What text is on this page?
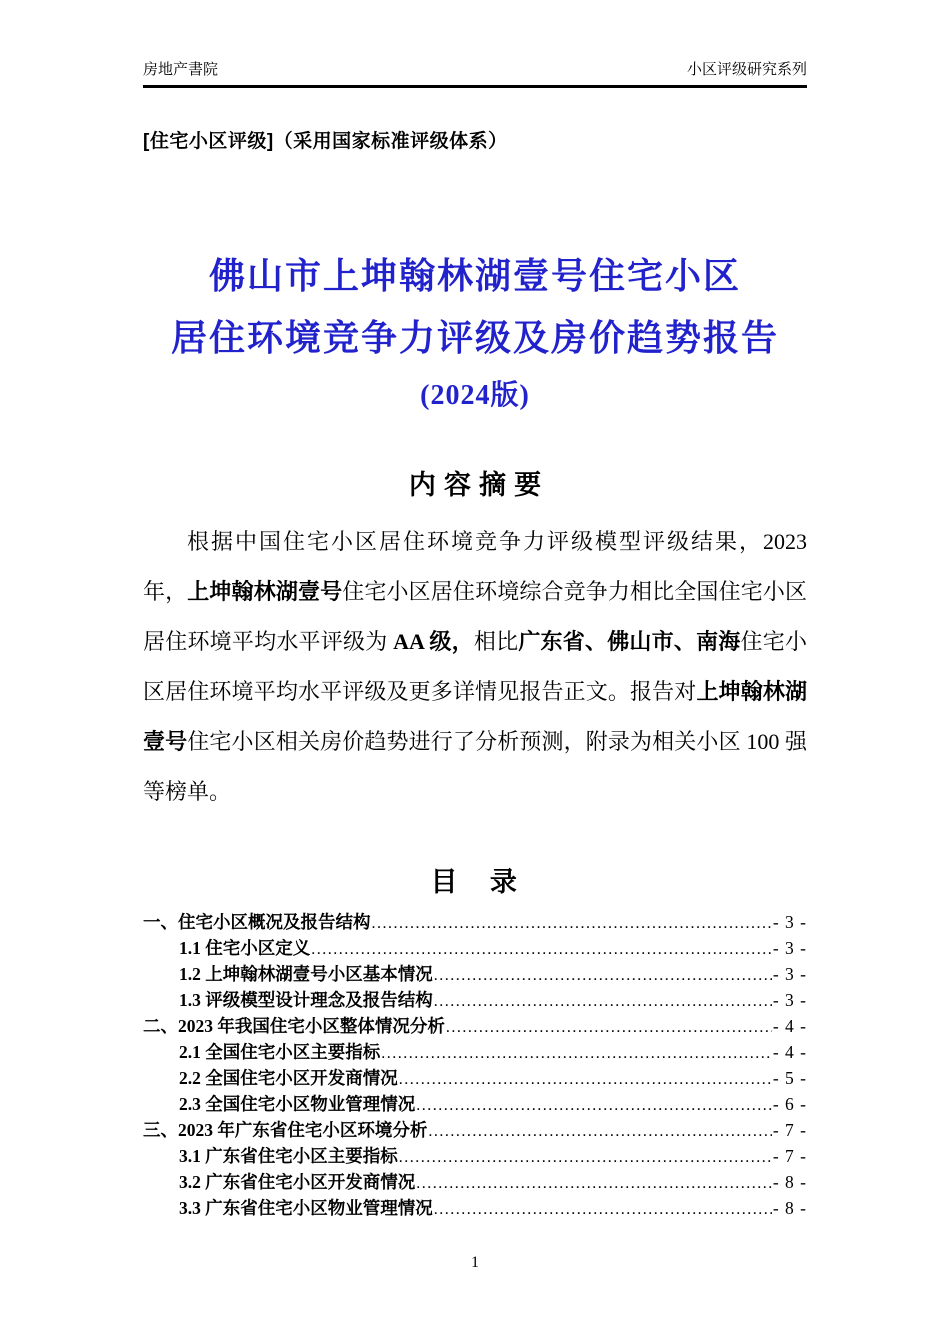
房地产書院	小区评级研究系列
[住宅小区评级]（采用国家标准评级体系）
佛山市上坤翰林湖壹号住宅小区
居住环境竞争力评级及房价趋势报告
(2024版)
内容摘要
根据中国住宅小区居住环境竞争力评级模型评级结果，2023 年，上坤翰林湖壹号住宅小区居住环境综合竞争力相比全国住宅小区居住环境平均水平评级为 AA 级，相比广东省、佛山市、南海住宅小区居住环境平均水平评级及更多详情见报告正文。报告对上坤翰林湖壹号住宅小区相关房价趋势进行了分析预测，附录为相关小区 100 强等榜单。
目　录
一、住宅小区概况及报告结构 .....	- 3 -
1.1 住宅小区定义 .....	- 3 -
1.2 上坤翰林湖壹号小区基本情况 .....	- 3 -
1.3 评级模型设计理念及报告结构 .....	- 3 -
二、2023 年我国住宅小区整体情况分析 .....	- 4 -
2.1 全国住宅小区主要指标 .....	- 4 -
2.2 全国住宅小区开发商情况 .....	- 5 -
2.3 全国住宅小区物业管理情况 .....	- 6 -
三、2023 年广东省住宅小区环境分析 .....	- 7 -
3.1 广东省住宅小区主要指标 .....	- 7 -
3.2 广东省住宅小区开发商情况 .....	- 8 -
3.3 广东省住宅小区物业管理情况 .....	- 8 -
1
